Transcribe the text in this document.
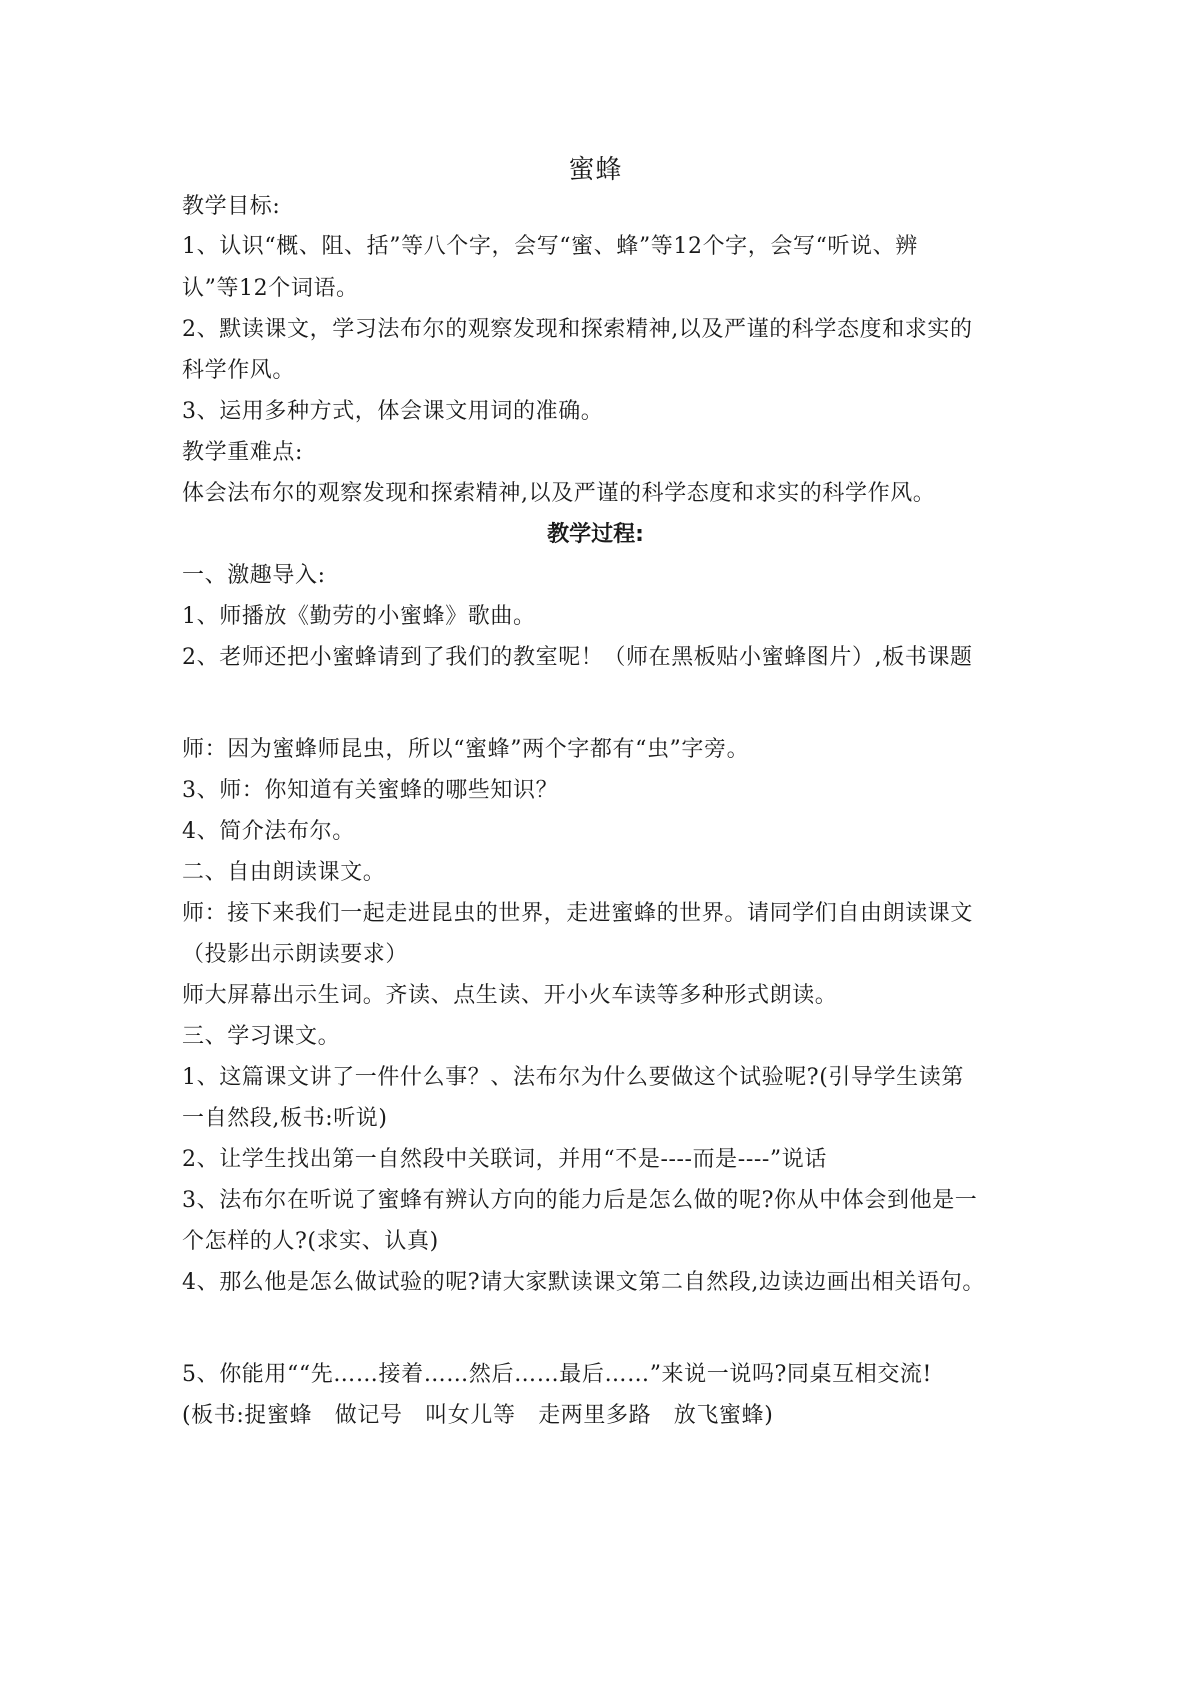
蜜蜂
教学目标:
1、认识“概、阻、括”等八个字，会写“蜜、蜂”等12个字，会写“听说、辨
认”等12个词语。
2、默读课文，学习法布尔的观察发现和探索精神,以及严谨的科学态度和求实的
科学作风。
3、运用多种方式，体会课文用词的准确。
教学重难点:
体会法布尔的观察发现和探索精神,以及严谨的科学态度和求实的科学作风。
教学过程:
一、激趣导入:
1、师播放《勤劳的小蜜蜂》歌曲。
2、老师还把小蜜蜂请到了我们的教室呢！（师在黑板贴小蜜蜂图片）,板书课题
师：因为蜜蜂师昆虫，所以“蜜蜂”两个字都有“虫”字旁。
3、师：你知道有关蜜蜂的哪些知识？
4、简介法布尔。
二、自由朗读课文。
师：接下来我们一起走进昆虫的世界，走进蜜蜂的世界。请同学们自由朗读课文
（投影出示朗读要求）
师大屏幕出示生词。齐读、点生读、开小火车读等多种形式朗读。
三、学习课文。
1、这篇课文讲了一件什么事？、法布尔为什么要做这个试验呢?(引导学生读第
一自然段,板书:听说)
2、让学生找出第一自然段中关联词，并用“不是----而是----”说话
3、法布尔在听说了蜜蜂有辨认方向的能力后是怎么做的呢?你从中体会到他是一
个怎样的人?(求实、认真)
4、那么他是怎么做试验的呢?请大家默读课文第二自然段,边读边画出相关语句。
5、你能用““先……接着……然后……最后……”来说一说吗?同桌互相交流!
(板书:捉蜜蜂　做记号　叫女儿等　走两里多路　放飞蜜蜂)
